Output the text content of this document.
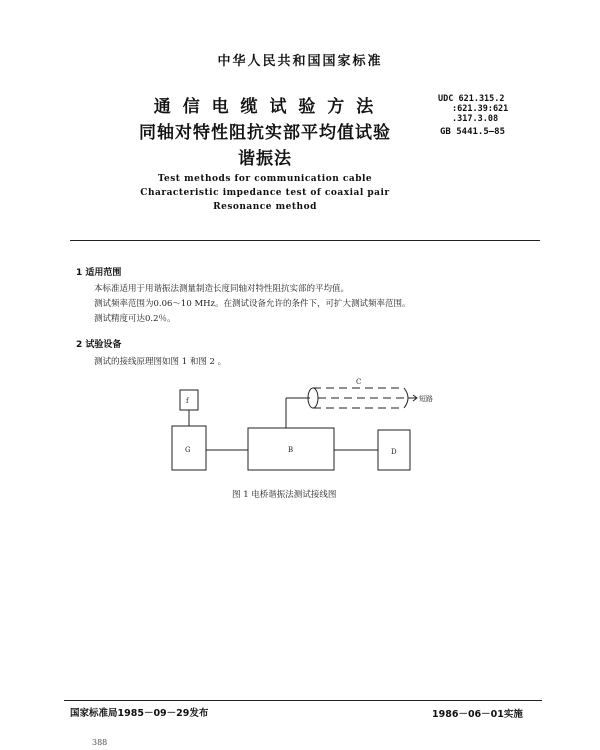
中华人民共和国国家标准
通 信 电 缆 试 验 方 法
同轴对特性阻抗实部平均值试验
谐振法
Test methods for communication cable
Characteristic impedance test of coaxial pair
Resonance method
UDC 621.315.2
:621.39:621
.317.3.08
GB 5441.5—85
1 适用范围
本标准适用于用谐振法测量制造长度同轴对特性阻抗实部的平均值。
测试频率范围为0.06～10 MHz。在测试设备允许的条件下，可扩大测试频率范围。
测试精度可达0.2％。
2 试验设备
测试的接线原理图如图 1 和图 2 。
f
G	B	D
C
短路
图 1 电桥谐振法测试接线图
国家标准局1985－09－29发布	1986－06－01实施
388
